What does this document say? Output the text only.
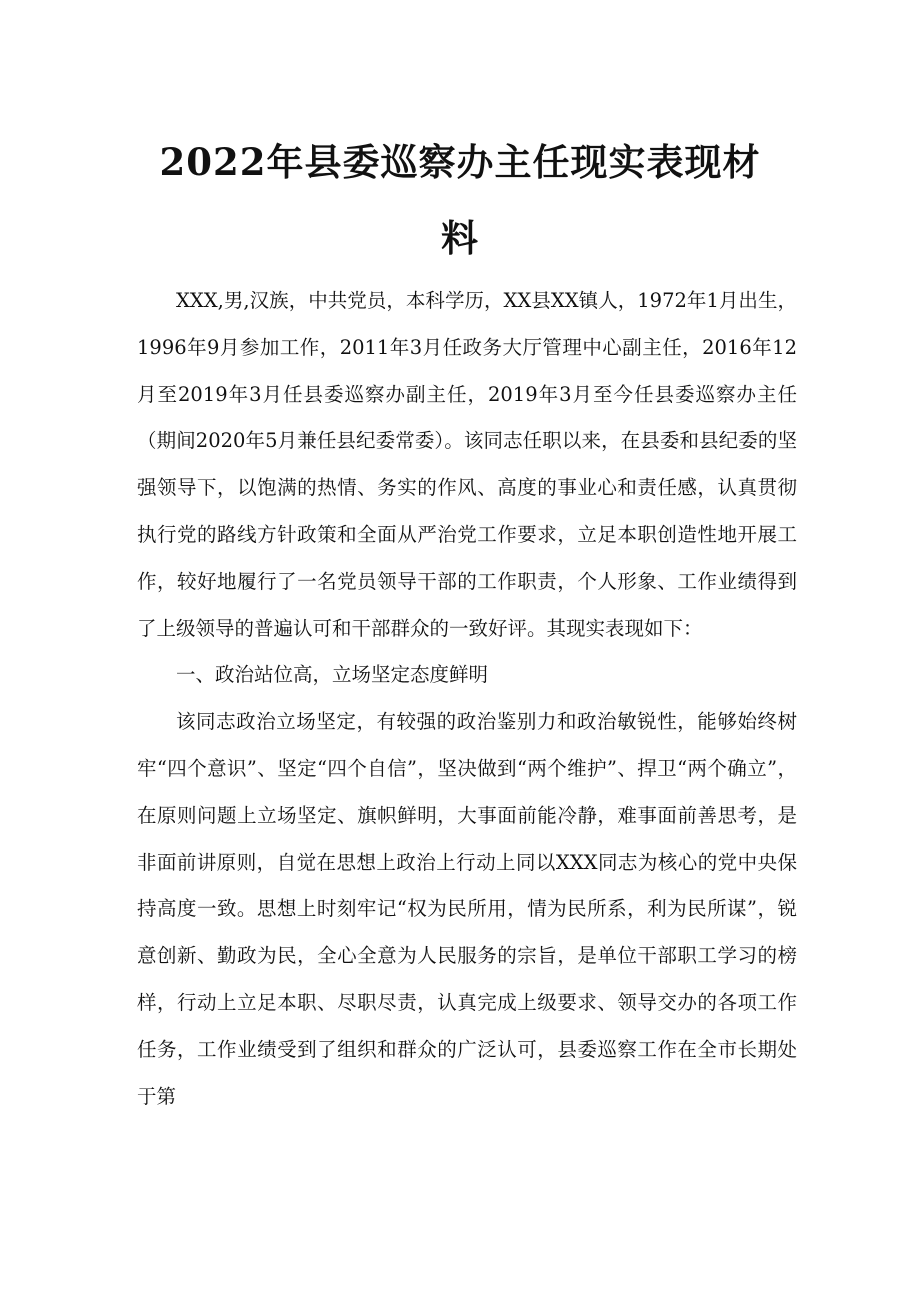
2022年县委巡察办主任现实表现材
料

XXX,男,汉族，中共党员，本科学历，XX县XX镇人，1972年1月出生，1996年9月参加工作，2011年3月任政务大厅管理中心副主任，2016年12月至2019年3月任县委巡察办副主任，2019年3月至今任县委巡察办主任（期间2020年5月兼任县纪委常委）。该同志任职以来，在县委和县纪委的坚强领导下，以饱满的热情、务实的作风、高度的事业心和责任感，认真贯彻执行党的路线方针政策和全面从严治党工作要求，立足本职创造性地开展工作，较好地履行了一名党员领导干部的工作职责，个人形象、工作业绩得到了上级领导的普遍认可和干部群众的一致好评。其现实表现如下：

一、政治站位高，立场坚定态度鲜明

该同志政治立场坚定，有较强的政治鉴别力和政治敏锐性，能够始终树牢“四个意识”、坚定“四个自信”，坚决做到“两个维护”、捍卫“两个确立”，在原则问题上立场坚定、旗帜鲜明，大事面前能冷静，难事面前善思考，是非面前讲原则，自觉在思想上政治上行动上同以XXX同志为核心的党中央保持高度一致。思想上时刻牢记“权为民所用，情为民所系，利为民所谋”，锐意创新、勤政为民，全心全意为人民服务的宗旨，是单位干部职工学习的榜样，行动上立足本职、尽职尽责，认真完成上级要求、领导交办的各项工作任务，工作业绩受到了组织和群众的广泛认可，县委巡察工作在全市长期处于第
